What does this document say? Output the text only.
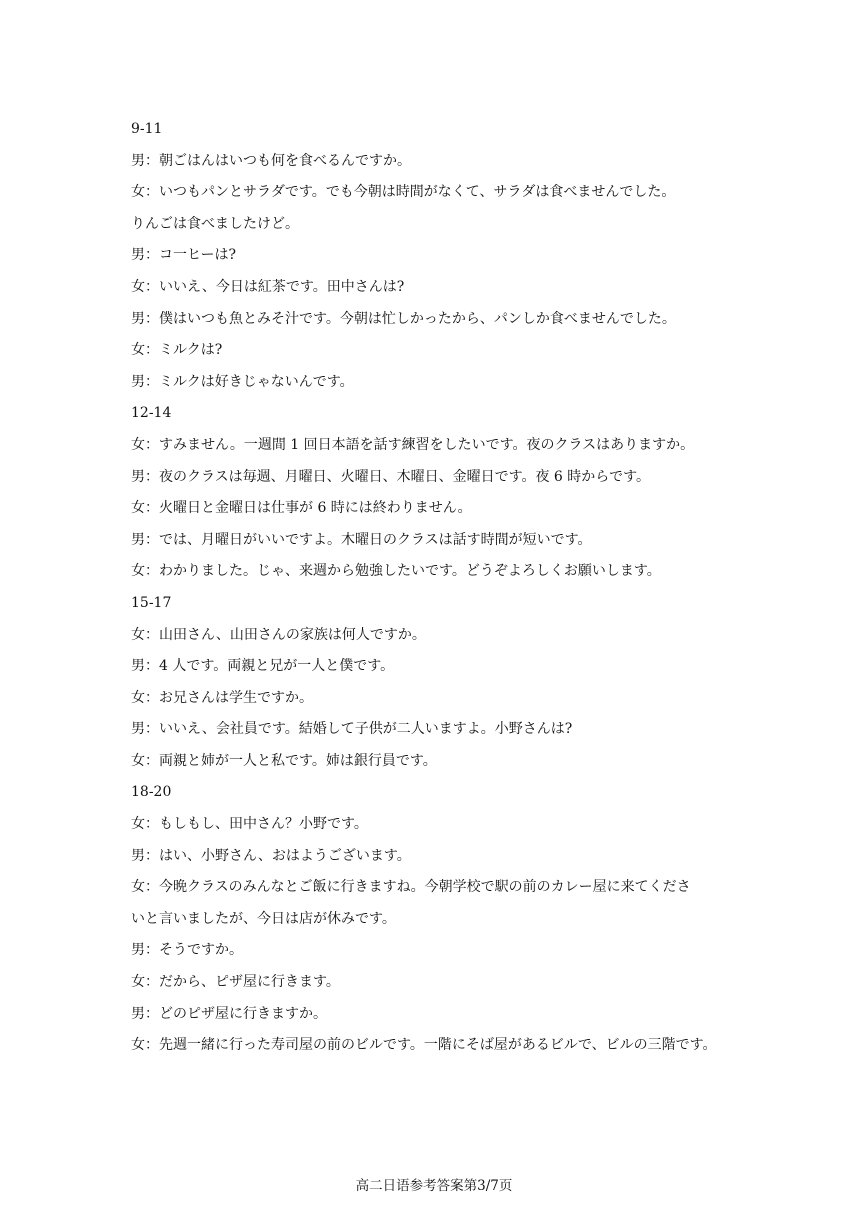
9-11
男：朝ごはんはいつも何を食べるんですか。
女：いつもパンとサラダです。でも今朝は時間がなくて、サラダは食べませんでした。
りんごは食べましたけど。
男：コ一ヒーは?
女：いいえ、今日は紅茶です。田中さんは?
男：僕はいつも魚とみそ汁です。今朝は忙しかったから、パンしか食べませんでした。
女：ミルクは?
男：ミルクは好きじゃないんです。
12-14
女：すみません。一週間 1 回日本語を話す練習をしたいです。夜のクラスはありますか。
男：夜のクラスは毎週、月曜日、火曜日、木曜日、金曜日です。夜 6 時からです。
女：火曜日と金曜日は仕事が 6 時には終わりません。
男：では、月曜日がいいですよ。木曜日のクラスは話す時間が短いです。
女：わかりました。じゃ、来週から勉強したいです。どうぞよろしくお願いします。
15-17
女：山田さん、山田さんの家族は何人ですか。
男：4 人です。両親と兄が一人と僕です。
女：お兄さんは学生ですか。
男：いいえ、会社員です。結婚して子供が二人いますよ。小野さんは?
女：両親と姉が一人と私です。姉は銀行員です。
18-20
女：もしもし、田中さん？小野です。
男：はい、小野さん、おはようございます。
女：今晩クラスのみんなとご飯に行きますね。今朝学校で駅の前のカレー屋に来てくださ
いと言いましたが、今日は店が休みです。
男：そうですか。
女：だから、ピザ屋に行きます。
男：どのピザ屋に行きますか。
女：先週一緒に行った寿司屋の前のビルです。一階にそば屋があるビルで、ビルの三階です。
高二日语参考答案第3/7页
